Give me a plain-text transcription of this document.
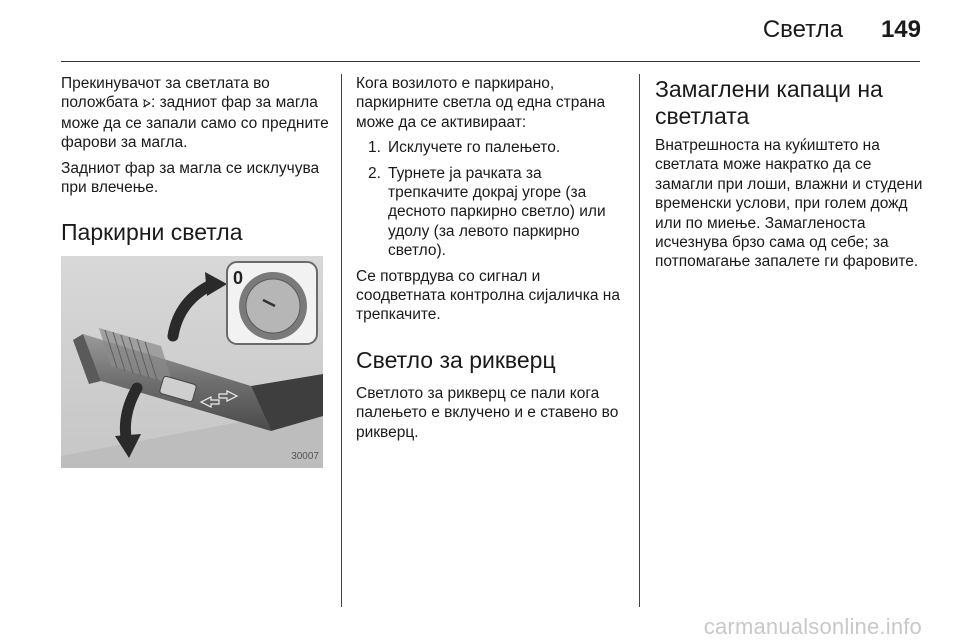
Светла 149

Прекинувачот за светлата во положбата ⦠: задниот фар за магла може да се запали само со предните фарови за магла.

Задниот фар за магла се исклучува при влечење.

Паркирни светла
0
30007

Кога возилото е паркирано, паркирните светла од една страна може да се активираат:

1. Исклучете го палењето.
2. Турнете ја рачката за трепкачите докрај угоре (за десното паркирно светло) или удолу (за левото паркирно светло).

Се потврдува со сигнал и соодветната контролна сијаличка на трепкачите.

Светло за рикверц

Светлото за рикверц се пали кога палењето е вклучено и е ставено во рикверц.

Замаглени капаци на светлата

Внатрешноста на куќиштето на светлата може накратко да се замагли при лоши, влажни и студени временски услови, при голем дожд или по миење. Замагленоста исчезнува брзо сама од себе; за потпомагање запалете ги фаровите.

carmanualsonline.info
